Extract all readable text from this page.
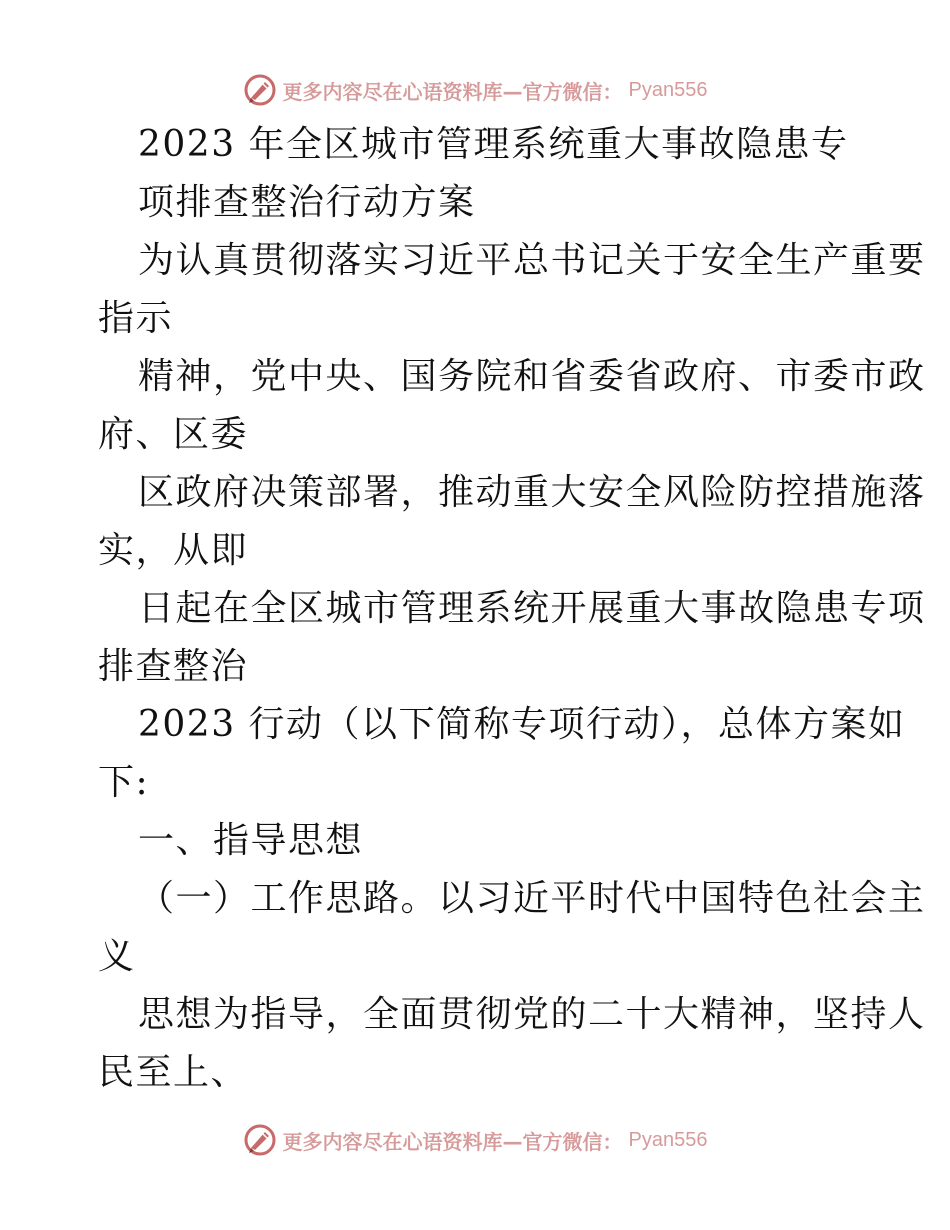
更多内容尽在心语资料库—官方微信： Pyan556
2023 年全区城市管理系统重大事故隐患专
项排查整治行动方案
为认真贯彻落实习近平总书记关于安全生产重要
指示
精神，党中央、国务院和省委省政府、市委市政
府、区委
区政府决策部署，推动重大安全风险防控措施落
实，从即
日起在全区城市管理系统开展重大事故隐患专项
排查整治
2023 行动（以下简称专项行动），总体方案如
下:
一、指导思想
（一）工作思路。以习近平时代中国特色社会主
义
思想为指导，全面贯彻党的二十大精神，坚持人
民至上、
更多内容尽在心语资料库—官方微信： Pyan556
